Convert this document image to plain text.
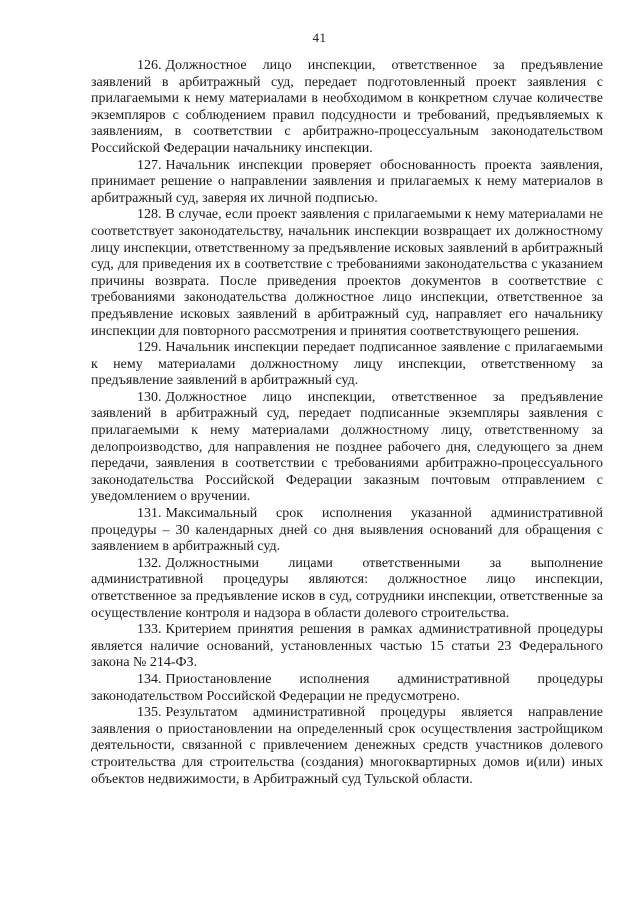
41

126. Должностное лицо инспекции, ответственное за предъявление заявлений в арбитражный суд, передает подготовленный проект заявления с прилагаемыми к нему материалами в необходимом в конкретном случае количестве экземпляров с соблюдением правил подсудности и требований, предъявляемых к заявлениям, в соответствии с арбитражно-процессуальным законодательством Российской Федерации начальнику инспекции.

127. Начальник инспекции проверяет обоснованность проекта заявления, принимает решение о направлении заявления и прилагаемых к нему материалов в арбитражный суд, заверяя их личной подписью.

128. В случае, если проект заявления с прилагаемыми к нему материалами не соответствует законодательству, начальник инспекции возвращает их должностному лицу инспекции, ответственному за предъявление исковых заявлений в арбитражный суд, для приведения их в соответствие с требованиями законодательства с указанием причины возврата. После приведения проектов документов в соответствие с требованиями законодательства должностное лицо инспекции, ответственное за предъявление исковых заявлений в арбитражный суд, направляет его начальнику инспекции для повторного рассмотрения и принятия соответствующего решения.

129. Начальник инспекции передает подписанное заявление с прилагаемыми к нему материалами должностному лицу инспекции, ответственному за предъявление заявлений в арбитражный суд.

130. Должностное лицо инспекции, ответственное за предъявление заявлений в арбитражный суд, передает подписанные экземпляры заявления с прилагаемыми к нему материалами должностному лицу, ответственному за делопроизводство, для направления не позднее рабочего дня, следующего за днем передачи, заявления в соответствии с требованиями арбитражно-процессуального законодательства Российской Федерации заказным почтовым отправлением с уведомлением о вручении.

131. Максимальный срок исполнения указанной административной процедуры – 30 календарных дней со дня выявления оснований для обращения с заявлением в арбитражный суд.

132. Должностными лицами ответственными за выполнение административной процедуры являются: должностное лицо инспекции, ответственное за предъявление исков в суд, сотрудники инспекции, ответственные за осуществление контроля и надзора в области долевого строительства.

133. Критерием принятия решения в рамках административной процедуры является наличие оснований, установленных частью 15 статьи 23 Федерального закона № 214-ФЗ.

134. Приостановление исполнения административной процедуры законодательством Российской Федерации не предусмотрено.

135. Результатом административной процедуры является направление заявления о приостановлении на определенный срок осуществления застройщиком деятельности, связанной с привлечением денежных средств участников долевого строительства для строительства (создания) многоквартирных домов и(или) иных объектов недвижимости, в Арбитражный суд Тульской области.
